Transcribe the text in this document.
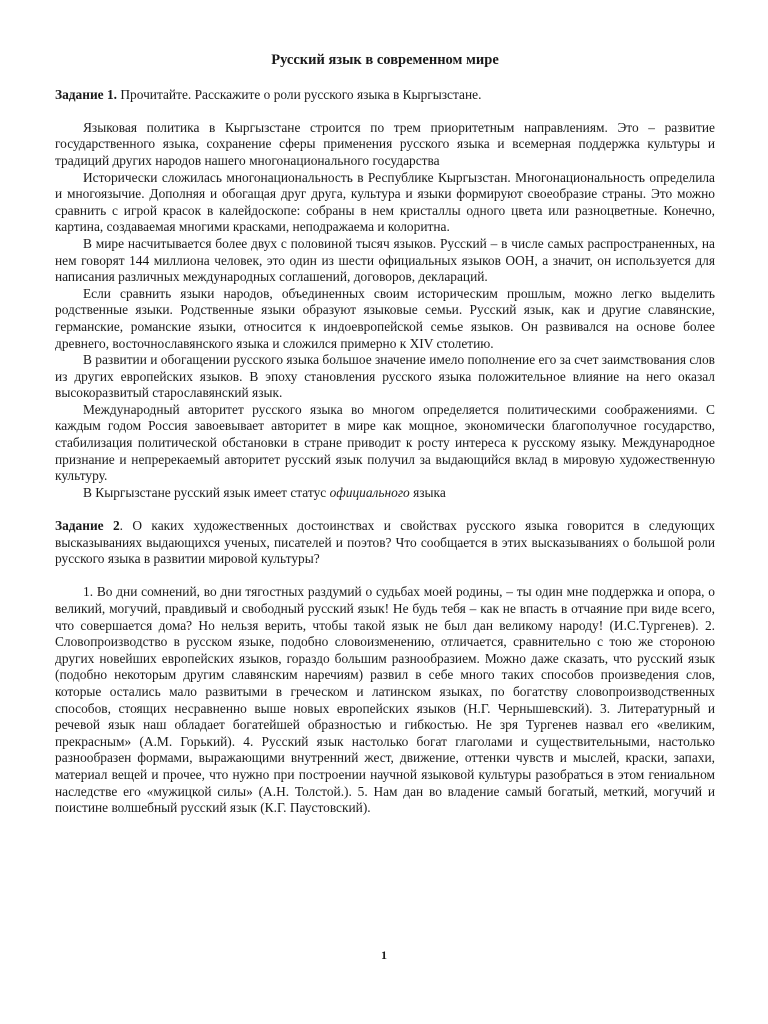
Русский язык в современном мире

Задание 1. Прочитайте. Расскажите о роли русского языка в Кыргызстане.

Языковая политика в Кыргызстане строится по трем приоритетным направлениям. Это – развитие государственного языка, сохранение сферы применения русского языка и всемерная поддержка культуры и традиций других народов нашего многонационального государства

Исторически сложилась многонациональность в Республике Кыргызстан. Многонациональность определила и многоязычие. Дополняя и обогащая друг друга, культура и языки формируют своеобразие страны. Это можно сравнить с игрой красок в калейдоскопе: собраны в нем кристаллы одного цвета или разноцветные. Конечно, картина, создаваемая многими красками, неподражаема и колоритна.

В мире насчитывается более двух с половиной тысяч языков. Русский – в числе самых распространенных, на нем говорят 144 миллиона человек, это один из шести официальных языков ООН, а значит, он используется для написания различных международных соглашений, договоров, деклараций.

Если сравнить языки народов, объединенных своим историческим прошлым, можно легко выделить родственные языки. Родственные языки образуют языковые семьи. Русский язык, как и другие славянские, германские, романские языки, относится к индоевропейской семье языков. Он развивался на основе более древнего, восточнославянского языка и сложился примерно к XIV столетию.

В развитии и обогащении русского языка большое значение имело пополнение его за счет заимствования слов из других европейских языков. В эпоху становления русского языка положительное влияние на него оказал высокоразвитый старославянский язык.

Международный авторитет русского языка во многом определяется политическими соображениями. С каждым годом Россия завоевывает авторитет в мире как мощное, экономически благополучное государство, стабилизация политической обстановки в стране приводит к росту интереса к русскому языку. Международное признание и непререкаемый авторитет русский язык получил за выдающийся вклад в мировую художественную культуру.

В Кыргызстане русский язык имеет статус официального языка

Задание 2. О каких художественных достоинствах и свойствах русского языка говорится в следующих высказываниях выдающихся ученых, писателей и поэтов? Что сообщается в этих высказываниях о большой роли русского языка в развитии мировой культуры?

1. Во дни сомнений, во дни тягостных раздумий о судьбах моей родины, – ты один мне поддержка и опора, о великий, могучий, правдивый и свободный русский язык! Не будь тебя – как не впасть в отчаяние при виде всего, что совершается дома? Но нельзя верить, чтобы такой язык не был дан великому народу! (И.С.Тургенев). 2. Словопроизводство в русском языке, подобно словоизменению, отличается, сравнительно с тою же стороною других новейших европейских языков, гораздо большим разнообразием. Можно даже сказать, что русский язык (подобно некоторым другим славянским наречиям) развил в себе много таких способов произведения слов, которые остались мало развитыми в греческом и латинском языках, по богатству словопроизводственных способов, стоящих несравненно выше новых европейских языков (Н.Г. Чернышевский). 3. Литературный и речевой язык наш обладает богатейшей образностью и гибкостью. Не зря Тургенев назвал его «великим, прекрасным» (А.М. Горький). 4. Русский язык настолько богат глаголами и существительными, настолько разнообразен формами, выражающими внутренний жест, движение, оттенки чувств и мыслей, краски, запахи, материал вещей и прочее, что нужно при построении научной языковой культуры разобраться в этом гениальном наследстве его «мужицкой силы» (А.Н. Толстой.). 5. Нам дан во владение самый богатый, меткий, могучий и поистине волшебный русский язык (К.Г. Паустовский).

1
